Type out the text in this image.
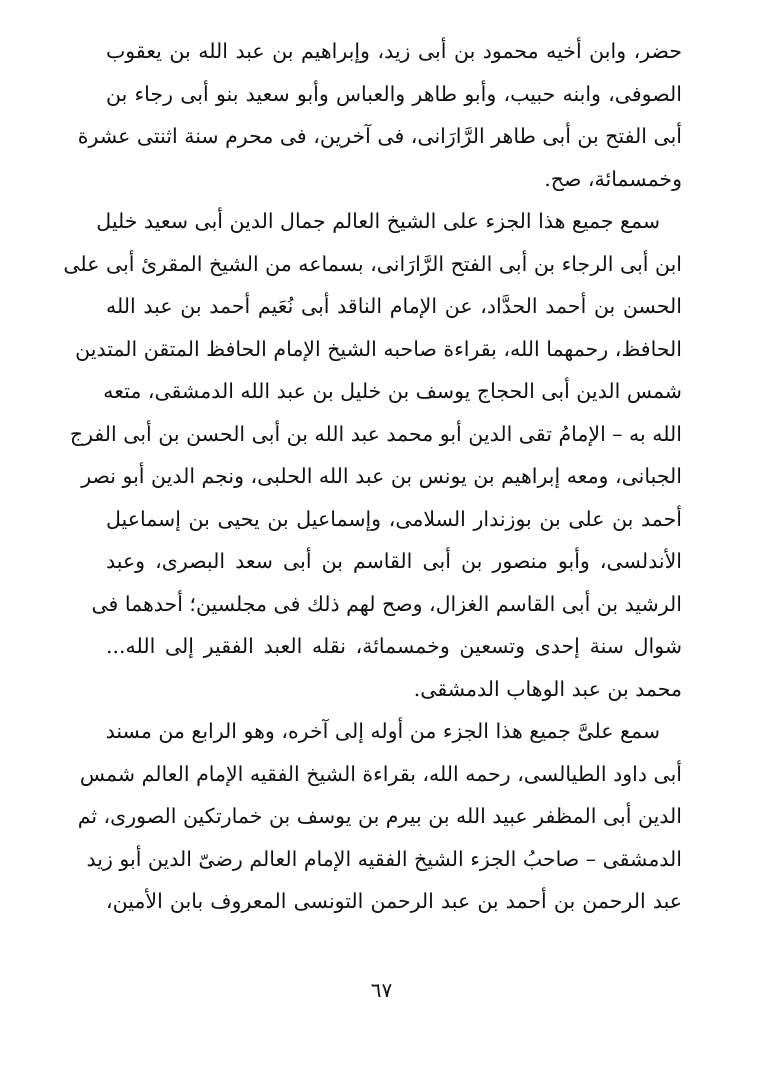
حضر، وابن أخيه محمود بن أبى زيد، وإبراهيم بن عبد الله بن يعقوب
الصوفى، وابنه حبيب، وأبو طاهر والعباس وأبو سعيد بنو أبى رجاء بن
أبى الفتح بن أبى طاهر الرَّارَانى، فى آخرين، فى محرم سنة اثنتى عشرة
وخمسمائة، صح.

سمع جميع هذا الجزء على الشيخ العالم جمال الدين أبى سعيد خليل
ابن أبى الرجاء بن أبى الفتح الرَّارَانى، بسماعه من الشيخ المقرئ أبى على
الحسن بن أحمد الحدَّاد، عن الإمام الناقد أبى نُعَيم أحمد بن عبد الله
الحافظ، رحمهما الله، بقراءة صاحبه الشيخ الإمام الحافظ المتقن المتدين
شمس الدين أبى الحجاج يوسف بن خليل بن عبد الله الدمشقى، متعه
الله به – الإمامُ تقى الدين أبو محمد عبد الله بن أبى الحسن بن أبى الفرج
الجبانى، ومعه إبراهيم بن يونس بن عبد الله الحلبى، ونجم الدين أبو نصر
أحمد بن على بن بوزندار السلامى، وإسماعيل بن يحيى بن إسماعيل
الأندلسى، وأبو منصور بن أبى القاسم بن أبى سعد البصرى، وعبد
الرشيد بن أبى القاسم الغزال، وصح لهم ذلك فى مجلسين؛ أحدهما فى
شوال سنة إحدى وتسعين وخمسمائة، نقله العبد الفقير إلى الله...
محمد بن عبد الوهاب الدمشقى.

سمع علىَّ جميع هذا الجزء من أوله إلى آخره، وهو الرابع من مسند
أبى داود الطيالسى، رحمه الله، بقراءة الشيخ الفقيه الإمام العالم شمس
الدين أبى المظفر عبيد الله بن بيرم بن يوسف بن خمارتكين الصورى، ثم
الدمشقى – صاحبُ الجزء الشيخ الفقيه الإمام العالم رضىّ الدين أبو زيد
عبد الرحمن بن أحمد بن عبد الرحمن التونسى المعروف بابن الأمين،

٦٧
